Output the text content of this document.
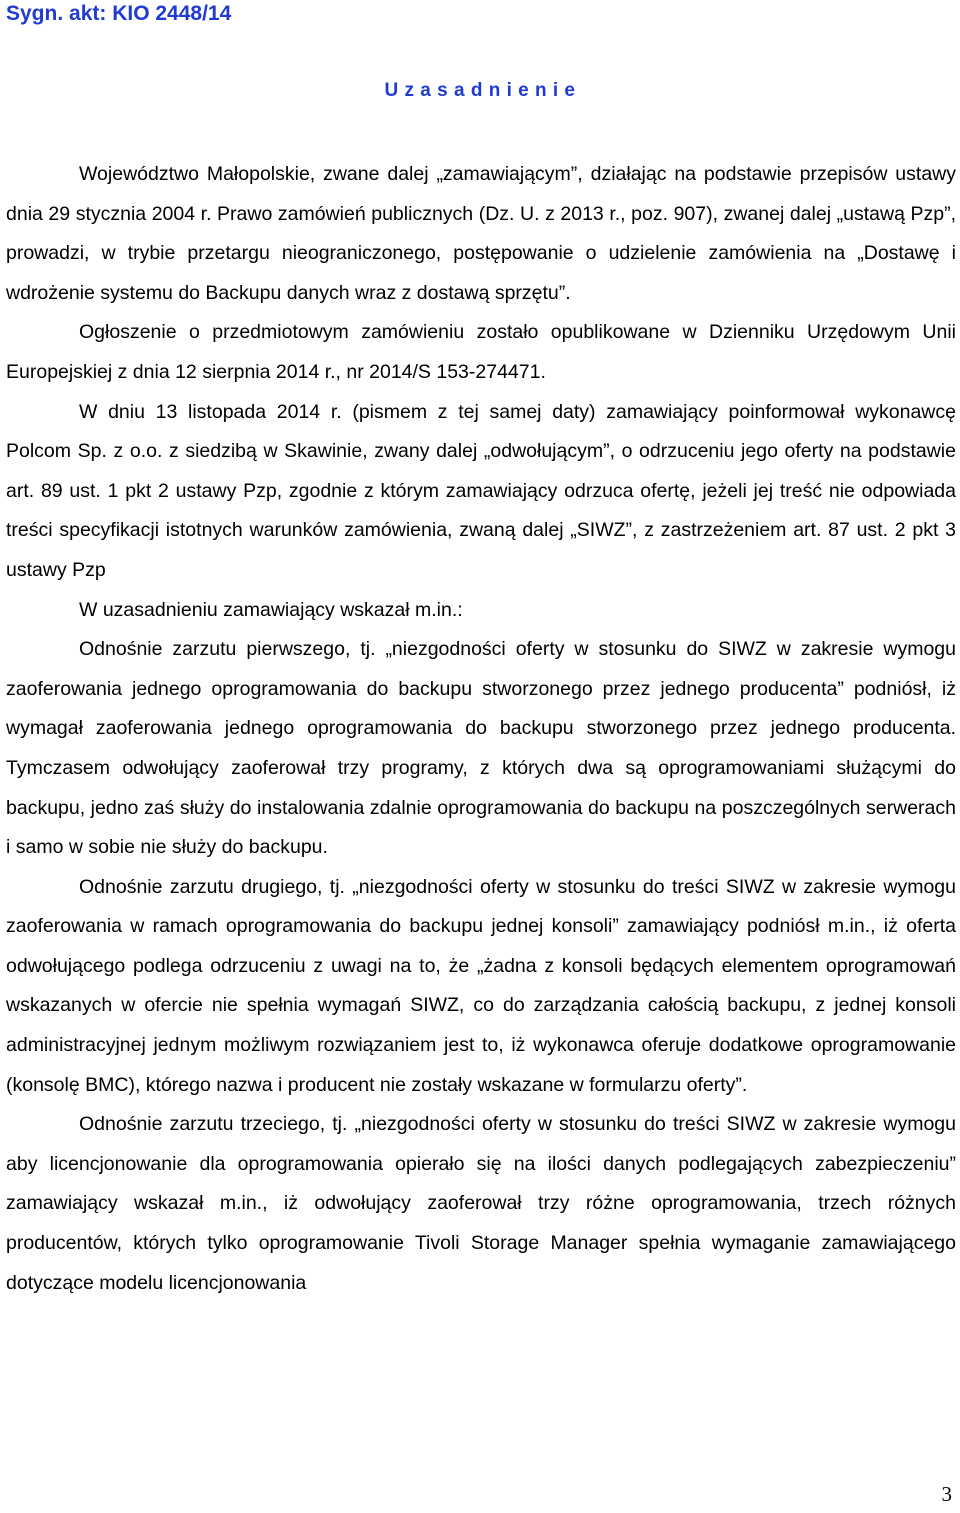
Sygn. akt: KIO 2448/14
U z a s a d n i e n i e

Województwo Małopolskie, zwane dalej „zamawiającym”, działając na podstawie przepisów ustawy dnia 29 stycznia 2004 r. Prawo zamówień publicznych (Dz. U. z 2013 r., poz. 907), zwanej dalej „ustawą Pzp”, prowadzi, w trybie przetargu nieograniczonego, postępowanie o udzielenie zamówienia na „Dostawę i wdrożenie systemu do Backupu danych wraz z dostawą sprzętu”.

Ogłoszenie o przedmiotowym zamówieniu zostało opublikowane w Dzienniku Urzędowym Unii Europejskiej z dnia 12 sierpnia 2014 r., nr 2014/S 153-274471.

W dniu 13 listopada 2014 r. (pismem z tej samej daty) zamawiający poinformował wykonawcę Polcom Sp. z o.o. z siedzibą w Skawinie, zwany dalej „odwołującym”, o odrzuceniu jego oferty na podstawie art. 89 ust. 1 pkt 2 ustawy Pzp, zgodnie z którym zamawiający odrzuca ofertę, jeżeli jej treść nie odpowiada treści specyfikacji istotnych warunków zamówienia, zwaną dalej „SIWZ”, z zastrzeżeniem art. 87 ust. 2 pkt 3 ustawy Pzp

W uzasadnieniu zamawiający wskazał m.in.:

Odnośnie zarzutu pierwszego, tj. „niezgodności oferty w stosunku do SIWZ w zakresie wymogu zaoferowania jednego oprogramowania do backupu stworzonego przez jednego producenta” podniósł, iż wymagał zaoferowania jednego oprogramowania do backupu stworzonego przez jednego producenta. Tymczasem odwołujący zaoferował trzy programy, z których dwa są oprogramowaniami służącymi do backupu, jedno zaś służy do instalowania zdalnie oprogramowania do backupu na poszczególnych serwerach i samo w sobie nie służy do backupu.

Odnośnie zarzutu drugiego, tj. „niezgodności oferty w stosunku do treści SIWZ w zakresie wymogu zaoferowania w ramach oprogramowania do backupu jednej konsoli” zamawiający podniósł m.in., iż oferta odwołującego podlega odrzuceniu z uwagi na to, że „żadna z konsoli będących elementem oprogramowań wskazanych w ofercie nie spełnia wymagań SIWZ, co do zarządzania całością backupu, z jednej konsoli administracyjnej jednym możliwym rozwiązaniem jest to, iż wykonawca oferuje dodatkowe oprogramowanie (konsolę BMC), którego nazwa i producent nie zostały wskazane w formularzu oferty”.

Odnośnie zarzutu trzeciego, tj. „niezgodności oferty w stosunku do treści SIWZ w zakresie wymogu aby licencjonowanie dla oprogramowania opierało się na ilości danych podlegających zabezpieczeniu” zamawiający wskazał m.in., iż odwołujący zaoferował trzy różne oprogramowania, trzech różnych producentów, których tylko oprogramowanie Tivoli Storage Manager spełnia wymaganie zamawiającego dotyczące modelu licencjonowania

3
